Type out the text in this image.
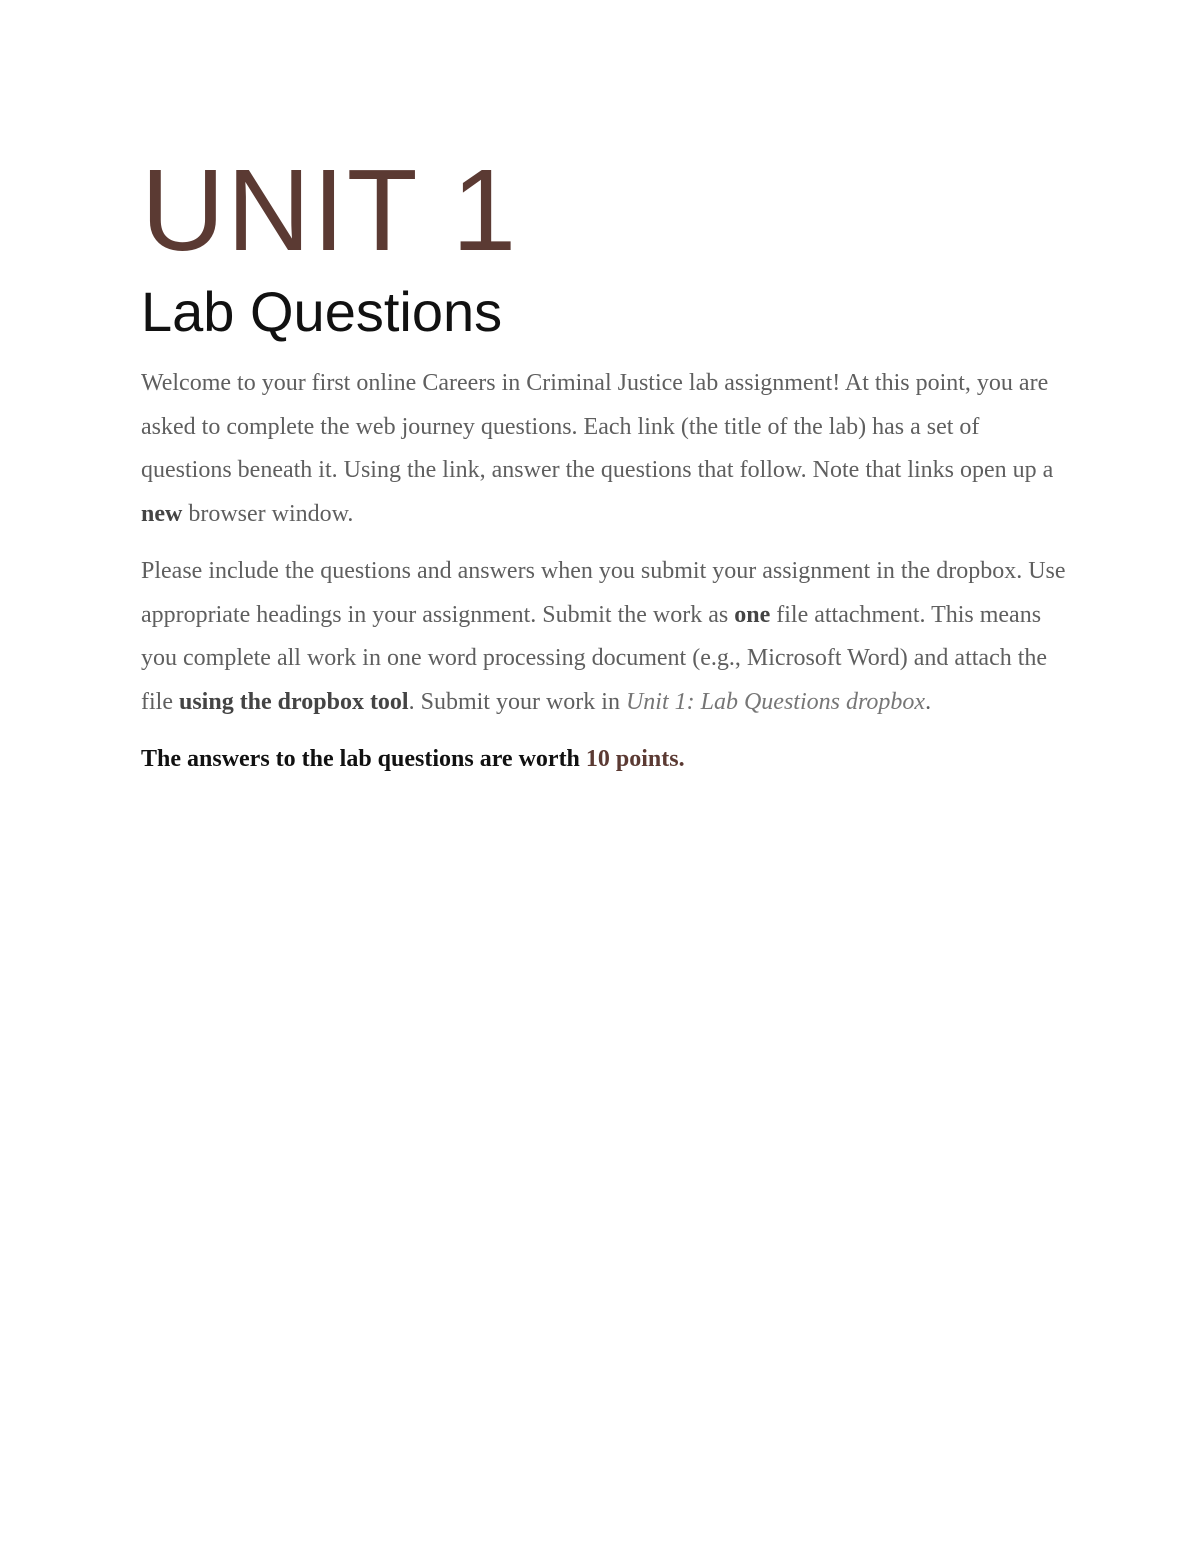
UNIT 1
Lab Questions

Welcome to your first online Careers in Criminal Justice lab assignment! At this point, you are asked to complete the web journey questions. Each link (the title of the lab) has a set of questions beneath it. Using the link, answer the questions that follow. Note that links open up a new browser window.

Please include the questions and answers when you submit your assignment in the dropbox. Use appropriate headings in your assignment. Submit the work as one file attachment. This means you complete all work in one word processing document (e.g., Microsoft Word) and attach the file using the dropbox tool. Submit your work in Unit 1: Lab Questions dropbox.

The answers to the lab questions are worth 10 points.
